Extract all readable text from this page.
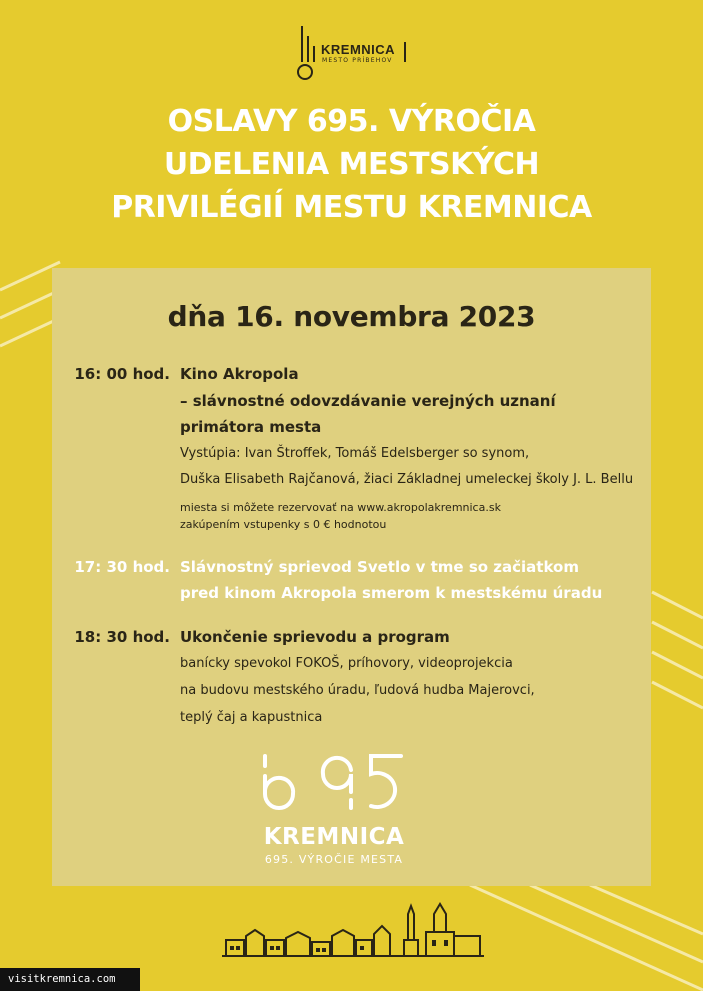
KREMNICA
MESTO PRÍBEHOV
OSLAVY 695. VÝROČIA
UDELENIA MESTSKÝCH
PRIVILÉGIÍ MESTU KREMNICA
dňa 16. novembra 2023
16: 00 hod. Kino Akropola
– slávnostné odovzdávanie verejných uznaní
primátora mesta
Vystúpia: Ivan Štroffek, Tomáš Edelsberger so synom,
Duška Elisabeth Rajčanová, žiaci Základnej umeleckej školy J. L. Bellu
miesta si môžete rezervovať na www.akropolakremnica.sk
zakúpením vstupenky s 0 € hodnotou
17: 30 hod. Slávnostný sprievod Svetlo v tme so začiatkom
pred kinom Akropola smerom k mestskému úradu
18: 30 hod. Ukončenie sprievodu a program
banícky spevokol FOKOŠ, príhovory, videoprojekcia
na budovu mestského úradu, ľudová hudba Majerovci,
teplý čaj a kapustnica
KREMNICA
695. VÝROČIE MESTA
visitkremnica.com
